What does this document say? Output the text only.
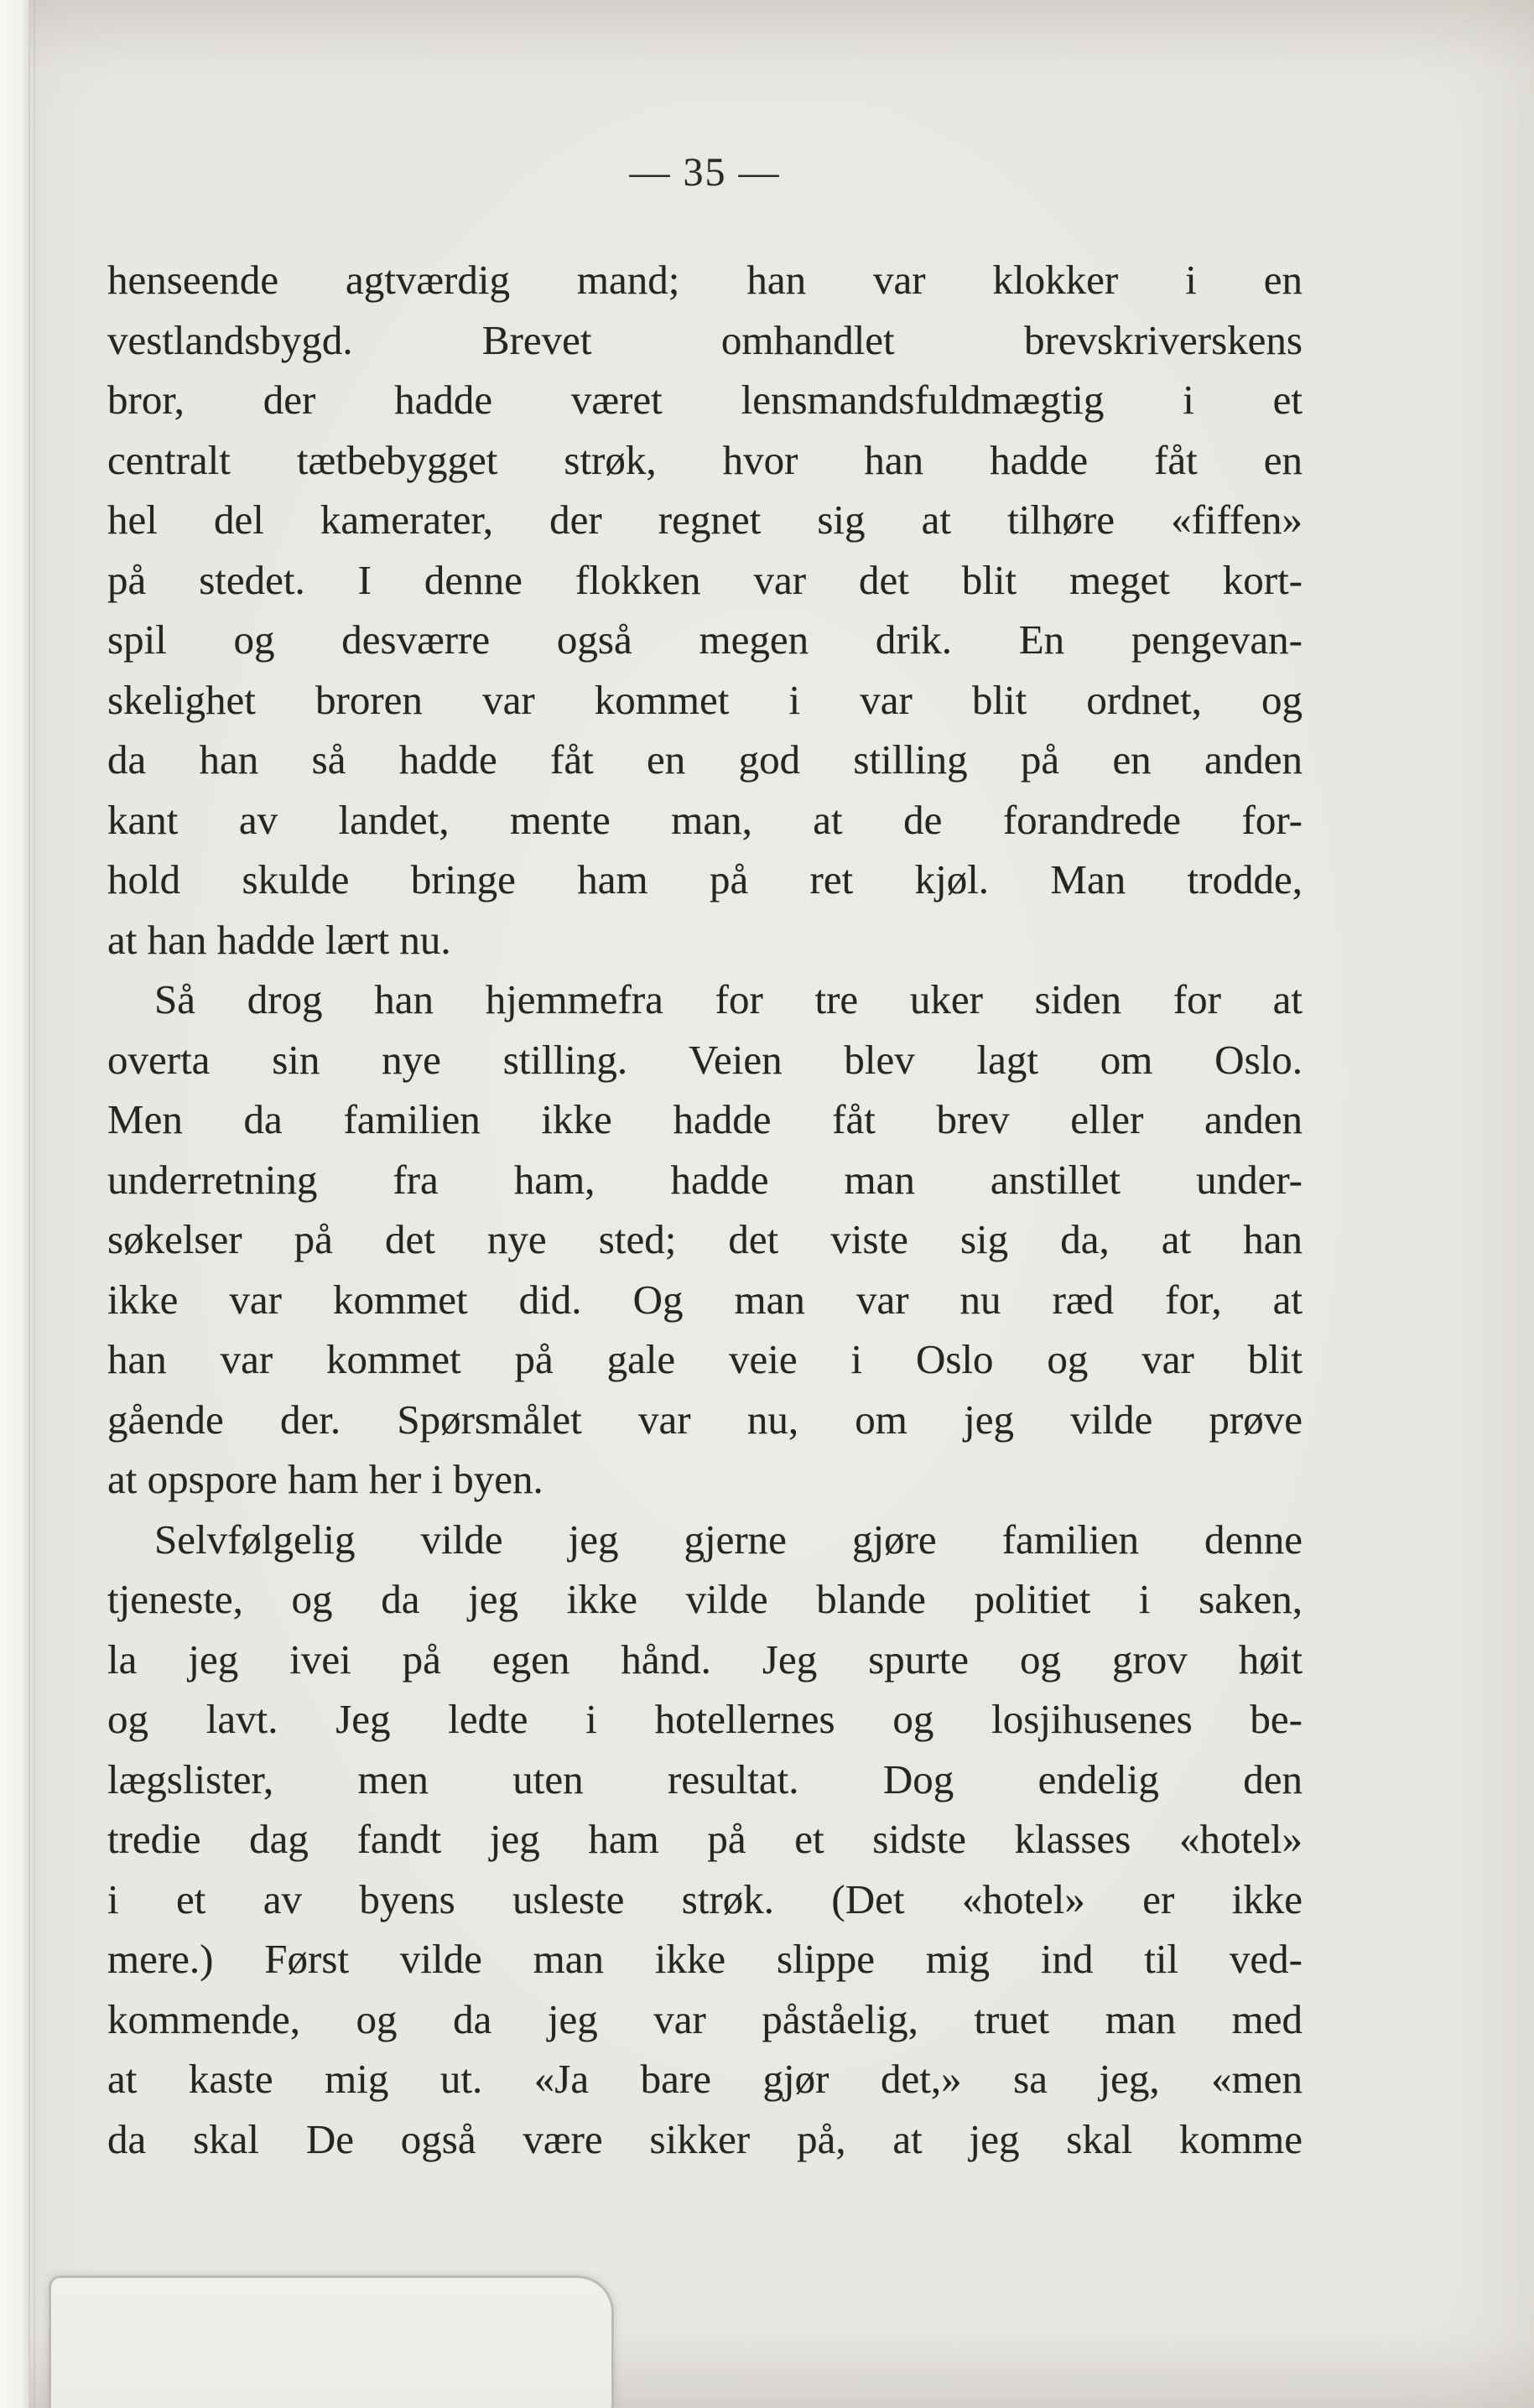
— 35 —
henseende agtværdig mand; han var klokker i en
vestlandsbygd. Brevet omhandlet brevskriverskens
bror, der hadde været lensmandsfuldmægtig i et
centralt tætbebygget strøk, hvor han hadde fåt en
hel del kamerater, der regnet sig at tilhøre «fiffen»
på stedet. I denne flokken var det blit meget kort-
spil og desværre også megen drik. En pengevan-
skelighet broren var kommet i var blit ordnet, og
da han så hadde fåt en god stilling på en anden
kant av landet, mente man, at de forandrede for-
hold skulde bringe ham på ret kjøl. Man trodde,
at han hadde lært nu.
Så drog han hjemmefra for tre uker siden for at
overta sin nye stilling. Veien blev lagt om Oslo.
Men da familien ikke hadde fåt brev eller anden
underretning fra ham, hadde man anstillet under-
søkelser på det nye sted; det viste sig da, at han
ikke var kommet did. Og man var nu ræd for, at
han var kommet på gale veie i Oslo og var blit
gående der. Spørsmålet var nu, om jeg vilde prøve
at opspore ham her i byen.
Selvfølgelig vilde jeg gjerne gjøre familien denne
tjeneste, og da jeg ikke vilde blande politiet i saken,
la jeg ivei på egen hånd. Jeg spurte og grov høit
og lavt. Jeg ledte i hotellernes og losjihusenes be-
lægslister, men uten resultat. Dog endelig den
tredie dag fandt jeg ham på et sidste klasses «hotel»
i et av byens usleste strøk. (Det «hotel» er ikke
mere.) Først vilde man ikke slippe mig ind til ved-
kommende, og da jeg var påståelig, truet man med
at kaste mig ut. «Ja bare gjør det,» sa jeg, «men
da skal De også være sikker på, at jeg skal komme
